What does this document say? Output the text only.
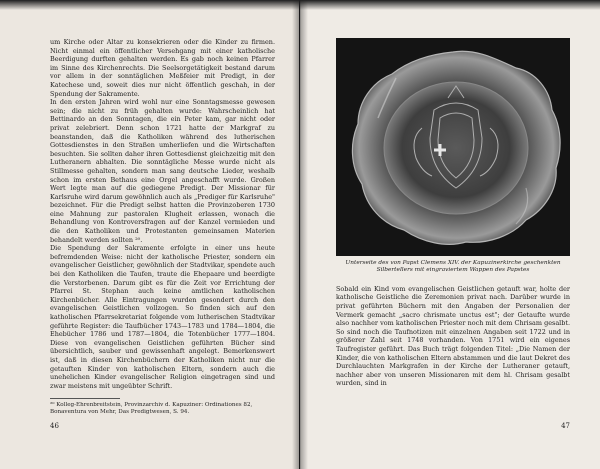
um Kirche oder Altar zu konsekrieren oder die Kinder zu firmen. Nicht einmal ein öffentlicher Versehgang mit einer katholische Beerdigung durften gehalten werden. Es gab noch keinen Pfarrer im Sinne des Kirchenrechts. Die Seelsorgetätigkeit bestand darum vor allem in der sonntäglichen Meßfeier mit Predigt, in der Katechese und, soweit dies nur nicht öffentlich geschah, in der Spendung der Sakramente.

In den ersten Jahren wird wohl nur eine Sonntagsmesse gewesen sein; die nicht zu früh gehalten wurde: Wahrscheinlich hat Bettinardo an den Sonntagen, die ein Peter kam, gar nicht oder privat zelebriert. Denn schon 1721 hatte der Markgraf zu beanstanden, daß die Katholiken während des lutherischen Gottesdienstes in den Straßen umherliefen und die Wirtschaften besuchten. Sie sollten daher ihren Gottesdienst gleichzeitig mit den Lutheranern abhalten. Die sonntägliche Messe wurde nicht als Stillmesse gehalten, sondern man sang deutsche Lieder, weshalb schon im ersten Bethaus eine Orgel angeschafft wurde. Großen Wert legte man auf die gediegene Predigt. Der Missionar für Karlsruhe wird darum gewöhnlich auch als „Prediger für Karlsruhe" bezeichnet. Für die Predigt selbst hatten die Provinzoberen 1730 eine Mahnung zur pastoralen Klugheit erlassen, wonach die Behandlung von Kontroversfragen auf der Kanzel vermieden und die den Katholiken und Protestanten gemeinsamen Materien behandelt werden sollten ²⁰.

Die Spendung der Sakramente erfolgte in einer uns heute befremdenden Weise: nicht der katholische Priester, sondern ein evangelischer Geistlicher, gewöhnlich der Stadtvikar, spendete auch bei den Katholiken die Taufen, traute die Ehepaare und beerdigte die Verstorbenen. Darum gibt es für die Zeit vor Errichtung der Pfarrei St. Stephan auch keine amtlichen katholischen Kirchenbücher. Alle Eintragungen wurden gesondert durch den evangelischen Geistlichen vollzogen. So finden sich auf den katholischen Pfarrsekretariat folgende vom lutherischen Stadtvikar geführte Register: die Taufbücher 1743—1783 und 1784—1804, die Ehebücher 1786 und 1787—1804, die Totenbücher 1777—1804. Diese von evangelischen Geistlichen geführten Bücher sind übersichtlich, sauber und gewissenhaft angelegt. Bemerkenswert ist, daß in diesen Kirchenbüchern der Katholiken nicht nur die getauften Kinder von katholischen Eltern, sondern auch die unehelichen Kinder evangelischer Religion eingetragen sind und zwar meistens mit ungeübter Schrift.

²⁰ Kolleg-Ehrenbreitstein, Provinzarchiv d. Kapuziner: Ordinationes 82, Bonaventura von Mehr, Das Predigtwesen, S. 94.
46
Unterseite des von Papst Clemens XIV. der Kapuzinerkirche geschenkten Silbertellers mit eingraviertem Wappen des Papstes

Sobald ein Kind vom evangelischen Geistlichen getauft war, holte der katholische Geistliche die Zeremonien privat nach. Darüber wurde in privat geführten Büchern mit den Angaben der Personalien der Vermerk gemacht „sacro chrismate unctus est"; der Getaufte wurde also nachher vom katholischen Priester noch mit dem Chrisam gesalbt. So sind noch die Taufnotizen mit einzelnen Angaben seit 1722 und in größerer Zahl seit 1748 vorhanden. Von 1751 wird ein eigenes Taufregister geführt. Das Buch trägt folgenden Titel: „Die Namen der Kinder, die von katholischen Eltern abstammen und die laut Dekret des Durchlauchten Markgrafen in der Kirche der Lutheraner getauft, nachher aber von unseren Missionaren mit dem hl. Chrisam gesalbt wurden, sind in

47
